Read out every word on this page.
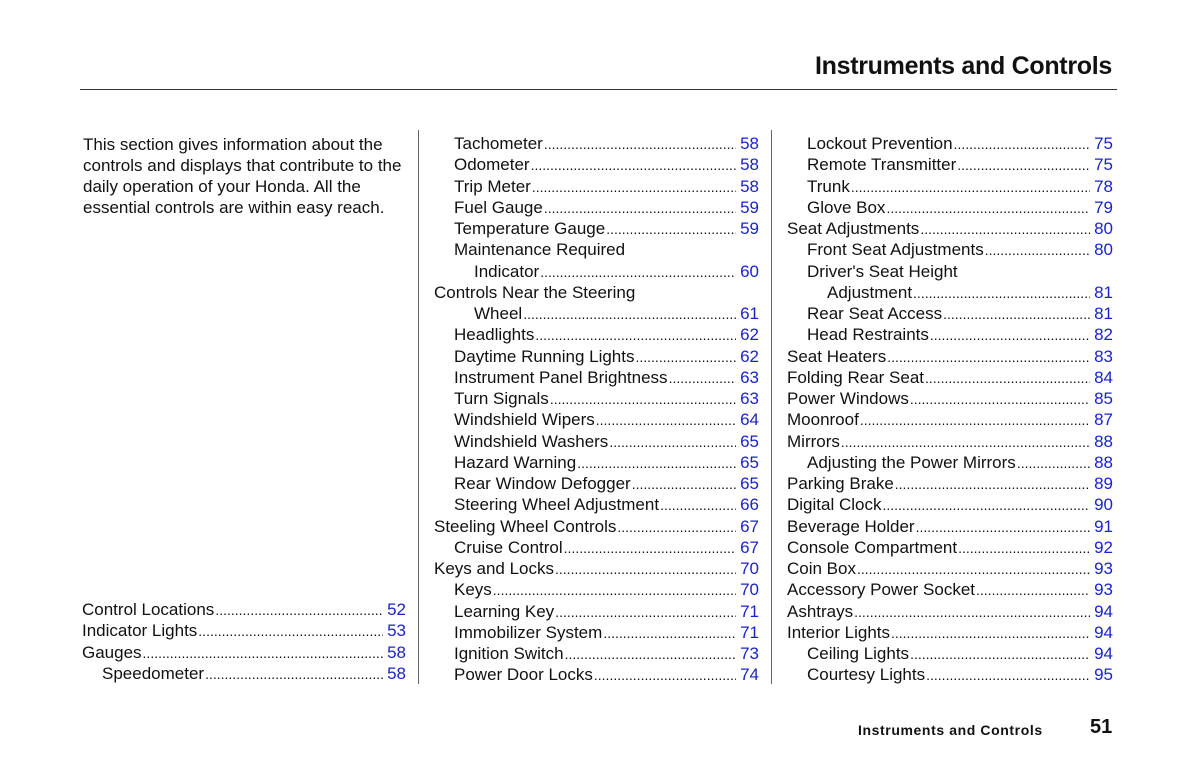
Instruments and Controls

This section gives information about the controls and displays that contribute to the daily operation of your Honda. All the essential controls are within easy reach.

Control Locations .....	52
Indicator Lights .....	53
Gauges .....	58
Speedometer .....	58
Tachometer .....	58
Odometer .....	58
Trip Meter .....	58
Fuel Gauge .....	59
Temperature Gauge .....	59
Maintenance Required
Indicator .....	60
Controls Near the Steering
Wheel .....	61
Headlights .....	62
Daytime Running Lights .....	62
Instrument Panel Brightness .....	63
Turn Signals .....	63
Windshield Wipers .....	64
Windshield Washers .....	65
Hazard Warning .....	65
Rear Window Defogger .....	65
Steering Wheel Adjustment .....	66
Steeling Wheel Controls .....	67
Cruise Control .....	67
Keys and Locks .....	70
Keys .....	70
Learning Key .....	71
Immobilizer System .....	71
Ignition Switch .....	73
Power Door Locks .....	74
Lockout Prevention .....	75
Remote Transmitter .....	75
Trunk .....	78
Glove Box .....	79
Seat Adjustments .....	80
Front Seat Adjustments .....	80
Driver's Seat Height
Adjustment .....	81
Rear Seat Access .....	81
Head Restraints .....	82
Seat Heaters .....	83
Folding Rear Seat .....	84
Power Windows .....	85
Moonroof .....	87
Mirrors .....	88
Adjusting the Power Mirrors .....	88
Parking Brake .....	89
Digital Clock .....	90
Beverage Holder .....	91
Console Compartment .....	92
Coin Box .....	93
Accessory Power Socket .....	93
Ashtrays .....	94
Interior Lights .....	94
Ceiling Lights .....	94
Courtesy Lights .....	95
Instruments and Controls 51
